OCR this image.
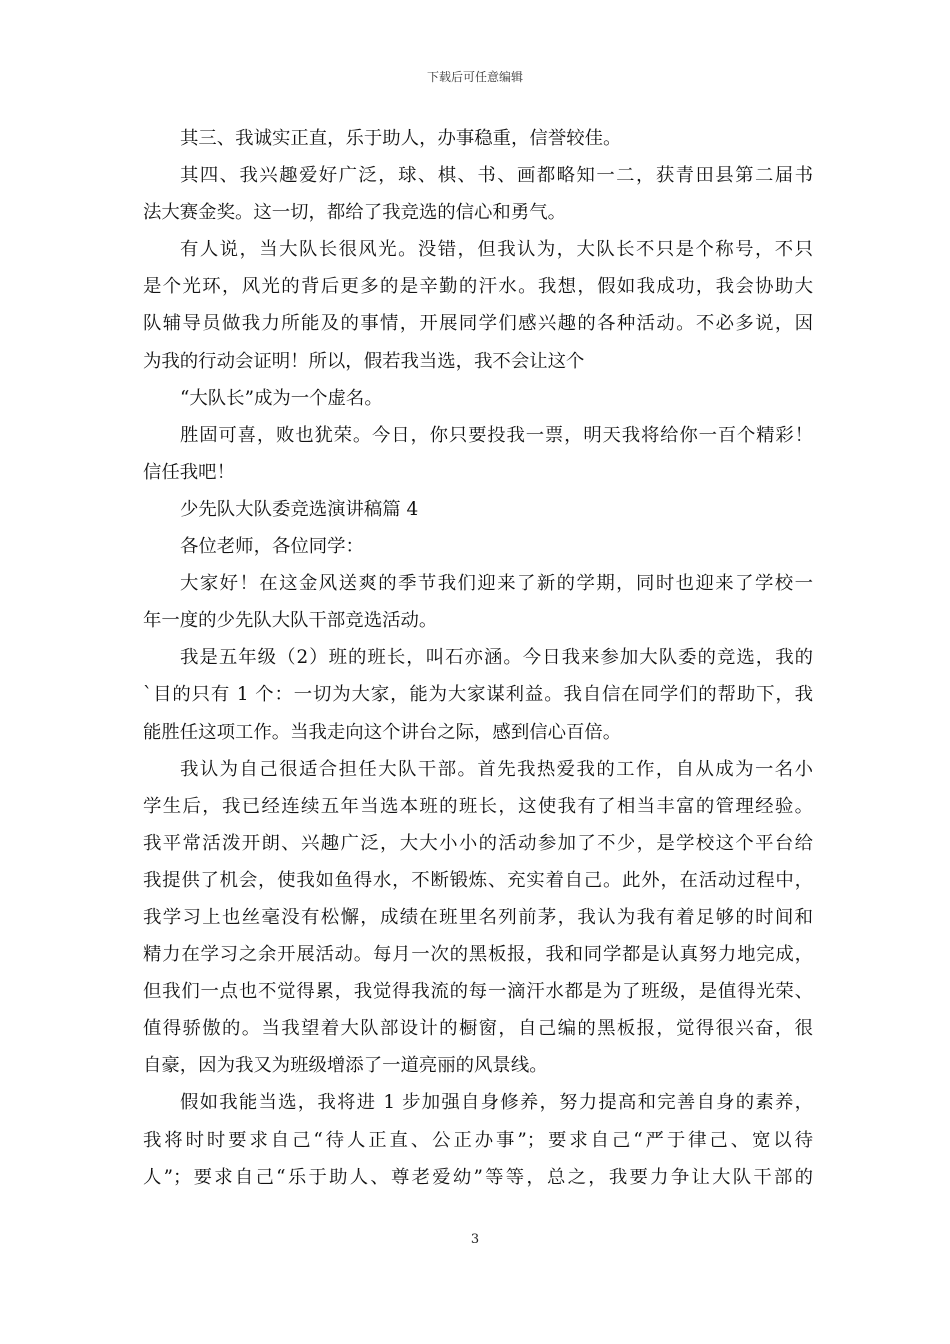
下载后可任意编辑
其三、我诚实正直，乐于助人，办事稳重，信誉较佳。
其四、我兴趣爱好广泛，球、棋、书、画都略知一二，获青田县第二届书
法大赛金奖。这一切，都给了我竞选的信心和勇气。
有人说，当大队长很风光。没错，但我认为，大队长不只是个称号，不只
是个光环，风光的背后更多的是辛勤的汗水。我想，假如我成功，我会协助大
队辅导员做我力所能及的事情，开展同学们感兴趣的各种活动。不必多说，因
为我的行动会证明！所以，假若我当选，我不会让这个
“大队长”成为一个虚名。
胜固可喜，败也犹荣。今日，你只要投我一票，明天我将给你一百个精彩！
信任我吧！
少先队大队委竞选演讲稿篇 4
各位老师，各位同学：
大家好！在这金风送爽的季节我们迎来了新的学期，同时也迎来了学校一
年一度的少先队大队干部竞选活动。
我是五年级（2）班的班长，叫石亦涵。今日我来参加大队委的竞选，我的
`目的只有 1 个：一切为大家，能为大家谋利益。我自信在同学们的帮助下，我
能胜任这项工作。当我走向这个讲台之际，感到信心百倍。
我认为自己很适合担任大队干部。首先我热爱我的工作，自从成为一名小
学生后，我已经连续五年当选本班的班长，这使我有了相当丰富的管理经验。
我平常活泼开朗、兴趣广泛，大大小小的活动参加了不少，是学校这个平台给
我提供了机会，使我如鱼得水，不断锻炼、充实着自己。此外，在活动过程中，
我学习上也丝毫没有松懈，成绩在班里名列前茅，我认为我有着足够的时间和
精力在学习之余开展活动。每月一次的黑板报，我和同学都是认真努力地完成，
但我们一点也不觉得累，我觉得我流的每一滴汗水都是为了班级，是值得光荣、
值得骄傲的。当我望着大队部设计的橱窗，自己编的黑板报，觉得很兴奋，很
自豪，因为我又为班级增添了一道亮丽的风景线。
假如我能当选，我将进 1 步加强自身修养，努力提高和完善自身的素养，
我将时时要求自己“待人正直、公正办事”；要求自己“严于律己、宽以待
人”；要求自己“乐于助人、尊老爱幼”等等，总之，我要力争让大队干部的
3
